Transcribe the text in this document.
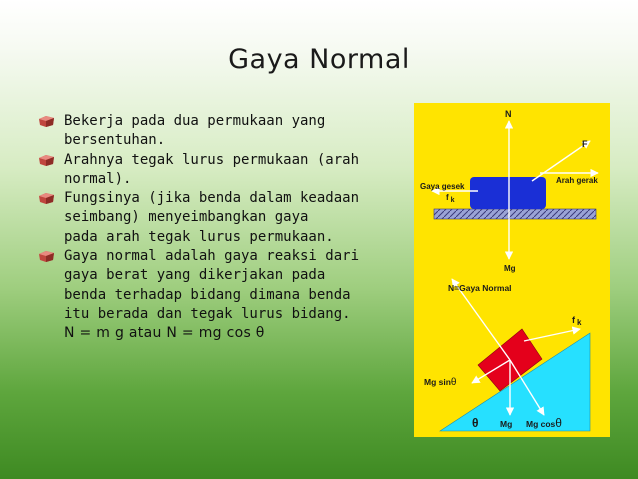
Gaya Normal
Bekerja pada dua permukaan yang
bersentuhan.
Arahnya tegak lurus permukaan (arah
normal).
Fungsinya (jika benda dalam keadaan
seimbang) menyeimbangkan gaya
pada arah tegak lurus permukaan.
Gaya normal adalah gaya reaksi dari
gaya berat yang dikerjakan pada
benda terhadap bidang dimana benda
itu berada dan tegak lurus bidang.
N = m g atau N = mg cos θ
N
F
Arah gerak
Gaya gesek
f k
Mg
N=Gaya Normal
f k
Mg sinθ
θ	Mg Mg cosθ
